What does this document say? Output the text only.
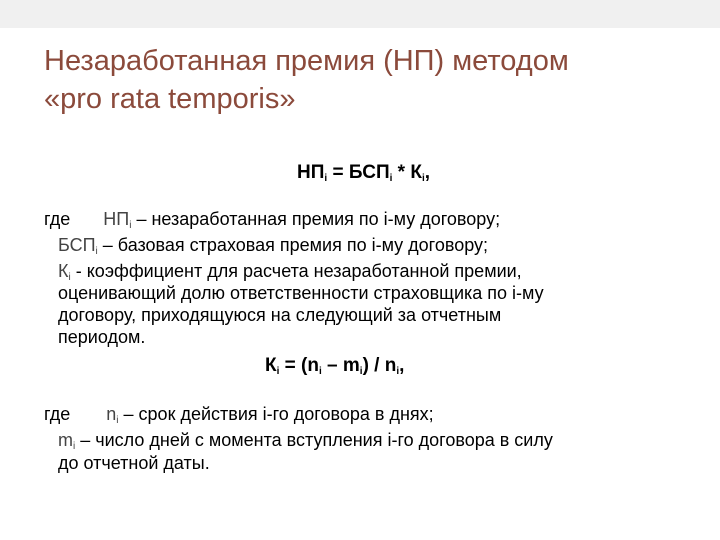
Незаработанная премия (НП) методом
«pro rata temporis»
$НП_i = БСП_i * К_i$,
где $НП_i$ – незаработанная премия по i-му договору;
$БСП_i$ – базовая страховая премия по i-му договору;
$К_i$ - коэффициент для расчета незаработанной премии,
оценивающий долю ответственности страховщика по i-му
договору, приходящуюся на следующий за отчетным
периодом.
$К_i = (n_i - m_i) / n_i$,
где $n_i$ – срок действия i-го договора в днях;
$m_i$ – число дней с момента вступления i-го договора в силу
до отчетной даты.
